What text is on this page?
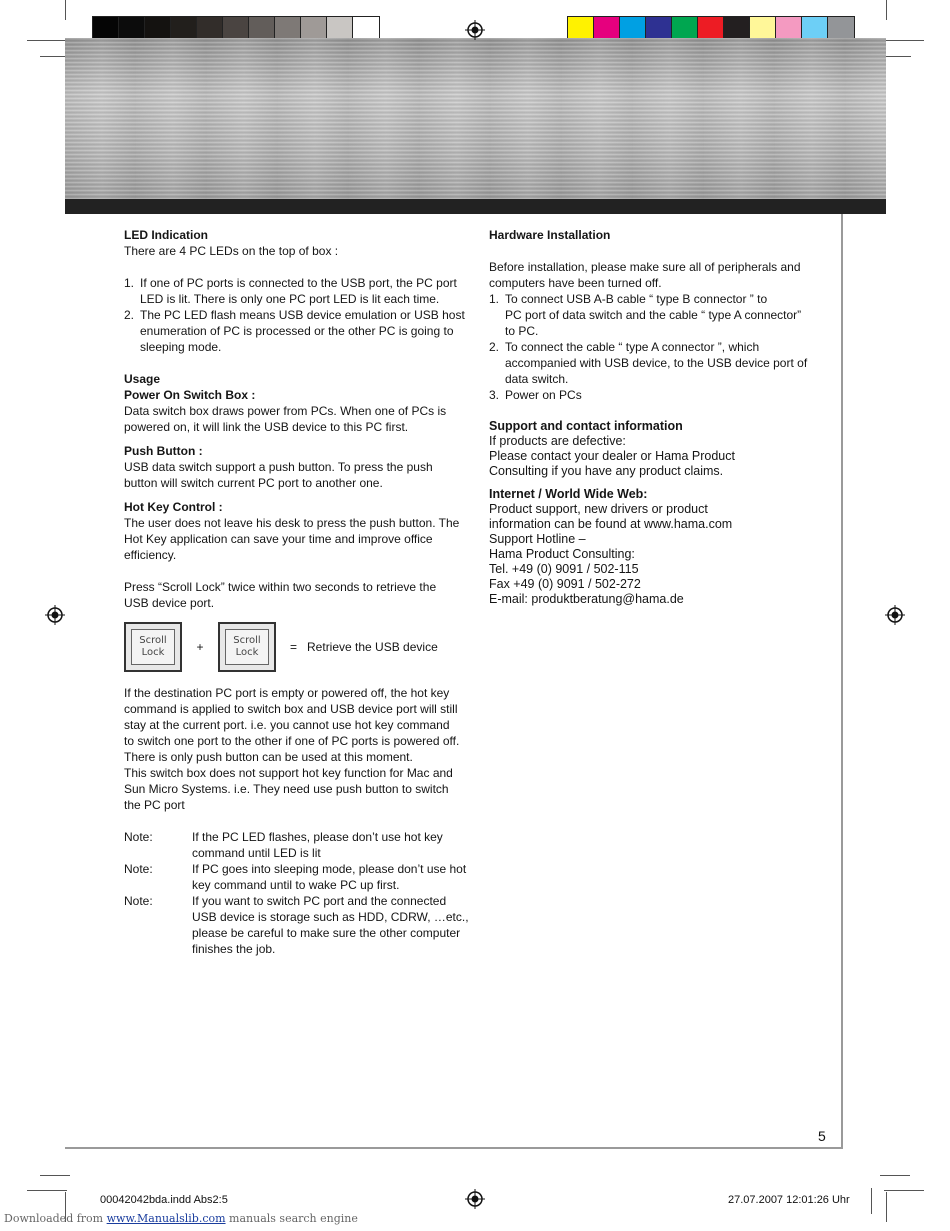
LED Indication

There are 4 PC LEDs on the top of box :

1. If one of PC ports is connected to the USB port, the PC port

LED is lit. There is only one PC port LED is lit each time.

2. The PC LED flash means USB device emulation or USB host

enumeration of PC is processed or the other PC is going to

sleeping mode.

Usage

Power On Switch Box :

Data switch box draws power from PCs. When one of PCs is

powered on, it will link the USB device to this PC first.

Push Button :

USB data switch support a push button. To press the push

button will switch current PC port to another one.

Hot Key Control :

The user does not leave his desk to press the push button. The

Hot Key application can save your time and improve office

efficiency.

Press “Scroll Lock” twice within two seconds to retrieve the

USB device port.

Scroll
Lock	+	Scroll
Lock	= Retrieve the USB device

If the destination PC port is empty or powered off, the hot key

command is applied to switch box and USB device port will still

stay at the current port. i.e. you cannot use hot key command

to switch one port to the other if one of PC ports is powered off.

There is only push button can be used at this moment.

This switch box does not support hot key function for Mac and

Sun Micro Systems. i.e. They need use push button to switch

the PC port

Note:	If the PC LED flashes, please don’t use hot key

command until LED is lit

Note:	If PC goes into sleeping mode, please don’t use hot

key command until to wake PC up first.

Note:	If you want to switch PC port and the connected

USB device is storage such as HDD, CDRW, …etc.,

please be careful to make sure the other computer

finishes the job.

Hardware Installation

Before installation, please make sure all of peripherals and

computers have been turned off.

1. To connect USB A-B cable “ type B connector ” to

PC port of data switch and the cable “ type A connector”

to PC.

2. To connect the cable “ type A connector ”, which

accompanied with USB device, to the USB device port of

data switch.

3. Power on PCs

Support and contact information

If products are defective:

Please contact your dealer or Hama Product

Consulting if you have any product claims.

Internet / World Wide Web:

Product support, new drivers or product

information can be found at www.hama.com

Support Hotline –

Hama Product Consulting:

Tel. +49 (0) 9091 / 502-115

Fax +49 (0) 9091 / 502-272

E-mail: produktberatung@hama.de

5
00042042bda.indd Abs2:5	27.07.2007 12:01:26 Uhr
Downloaded from www.Manualslib.com manuals search engine
